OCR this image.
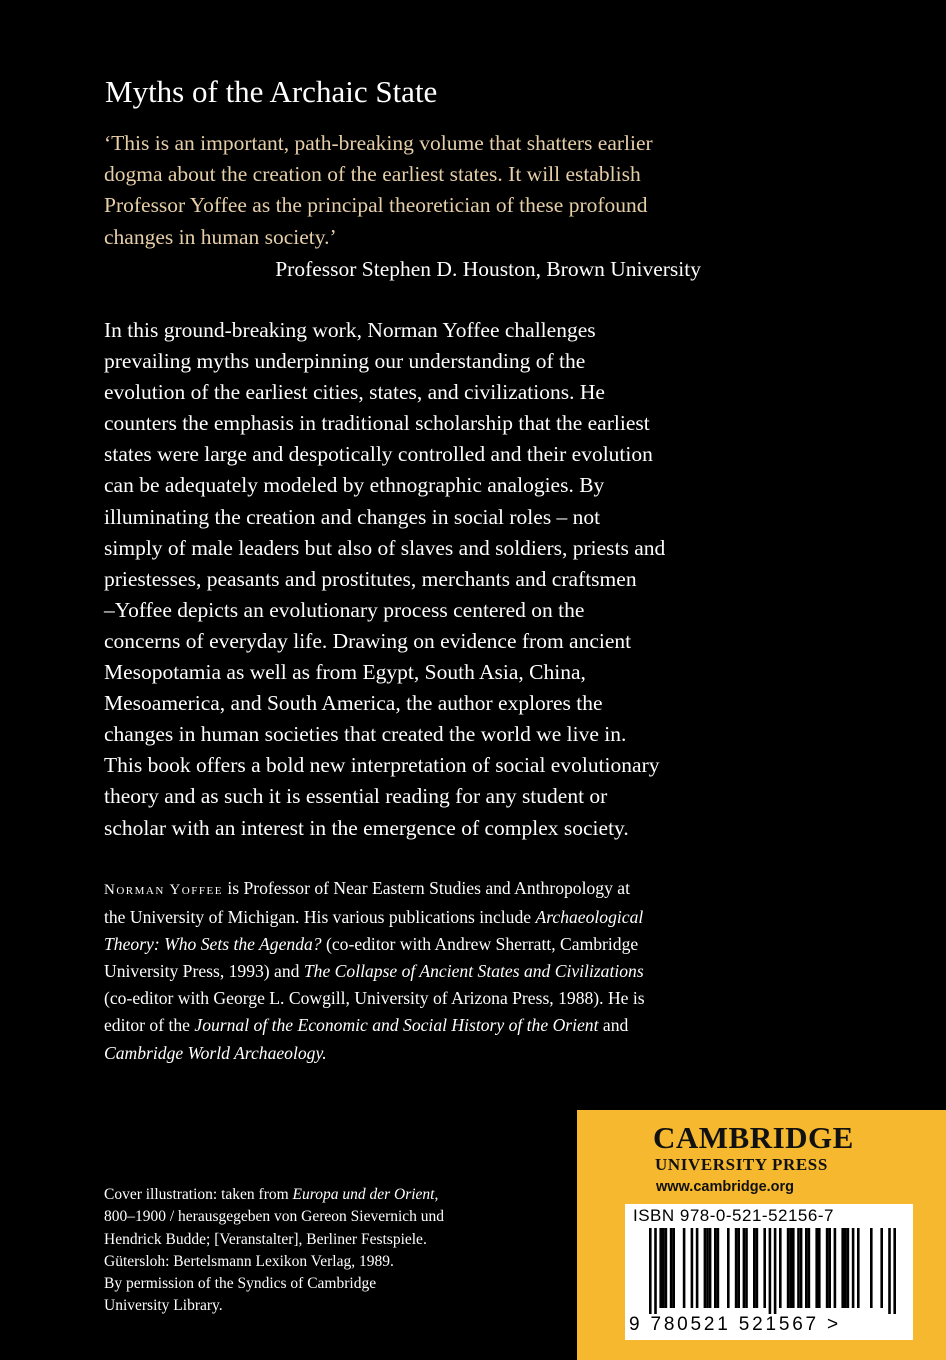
Myths of the Archaic State
‘This is an important, path-breaking volume that shatters earlier
dogma about the creation of the earliest states. It will establish
Professor Yoffee as the principal theoretician of these profound
changes in human society.’

Professor Stephen D. Houston, Brown University

In this ground-breaking work, Norman Yoffee challenges
prevailing myths underpinning our understanding of the
evolution of the earliest cities, states, and civilizations. He
counters the emphasis in traditional scholarship that the earliest
states were large and despotically controlled and their evolution
can be adequately modeled by ethnographic analogies. By
illuminating the creation and changes in social roles – not
simply of male leaders but also of slaves and soldiers, priests and
priestesses, peasants and prostitutes, merchants and craftsmen
–Yoffee depicts an evolutionary process centered on the
concerns of everyday life. Drawing on evidence from ancient
Mesopotamia as well as from Egypt, South Asia, China,
Mesoamerica, and South America, the author explores the
changes in human societies that created the world we live in.
This book offers a bold new interpretation of social evolutionary
theory and as such it is essential reading for any student or
scholar with an interest in the emergence of complex society.
Norman Yoffee is Professor of Near Eastern Studies and Anthropology at
the University of Michigan. His various publications include Archaeological
Theory: Who Sets the Agenda? (co-editor with Andrew Sherratt, Cambridge
University Press, 1993) and The Collapse of Ancient States and Civilizations
(co-editor with George L. Cowgill, University of Arizona Press, 1988). He is
editor of the Journal of the Economic and Social History of the Orient and
Cambridge World Archaeology.
Cover illustration: taken from Europa und der Orient,
800–1900 / herausgegeben von Gereon Sievernich und
Hendrick Budde; [Veranstalter], Berliner Festspiele.
Gütersloh: Bertelsmann Lexikon Verlag, 1989.
By permission of the Syndics of Cambridge
University Library.

CAMBRIDGE

UNIVERSITY PRESS

www.cambridge.org

ISBN 978-0-521-52156-7

9 780521 521567 >
